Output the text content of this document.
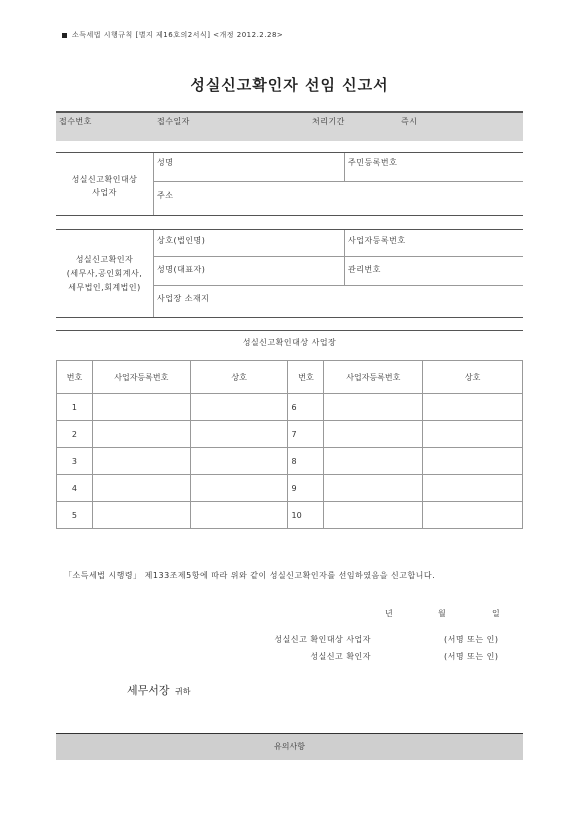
소득세법 시행규칙 [별지 제16호의2서식] <개정 2012.2.28>
성실신고확인자 선임 신고서
접수번호	접수일자	처리기간	즉시
성실신고확인대상
사업자
성명	주민등록번호
주소
성실신고확인자
(세무사,공인회계사,
세무법인,회계법인)
상호(법인명)	사업자등록번호
성명(대표자)	관리번호
사업장 소재지
성실신고확인대상 사업장
번호	사업자등록번호	상호	번호	사업자등록번호	상호
1			6		
2			7		
3			8		
4			9		
5			10		
「소득세법 시행령」 제133조제5항에 따라 위와 같이 성실신고확인자를 선임하였음을 신고합니다.
년	월	일
성실신고 확인대상 사업자	(서명 또는 인)
성실신고 확인자	(서명 또는 인)
세무서장 귀하
유의사항
